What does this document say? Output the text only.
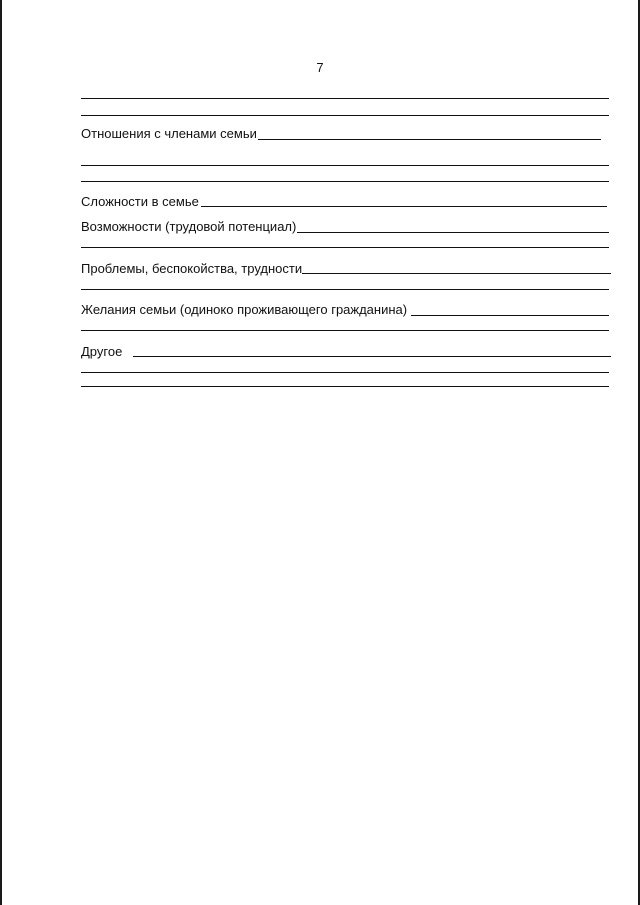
7
Отношения с членами семьи
Сложности в семье
Возможности (трудовой потенциал)
Проблемы, беспокойства, трудности
Желания семьи (одиноко проживающего гражданина)
Другое
